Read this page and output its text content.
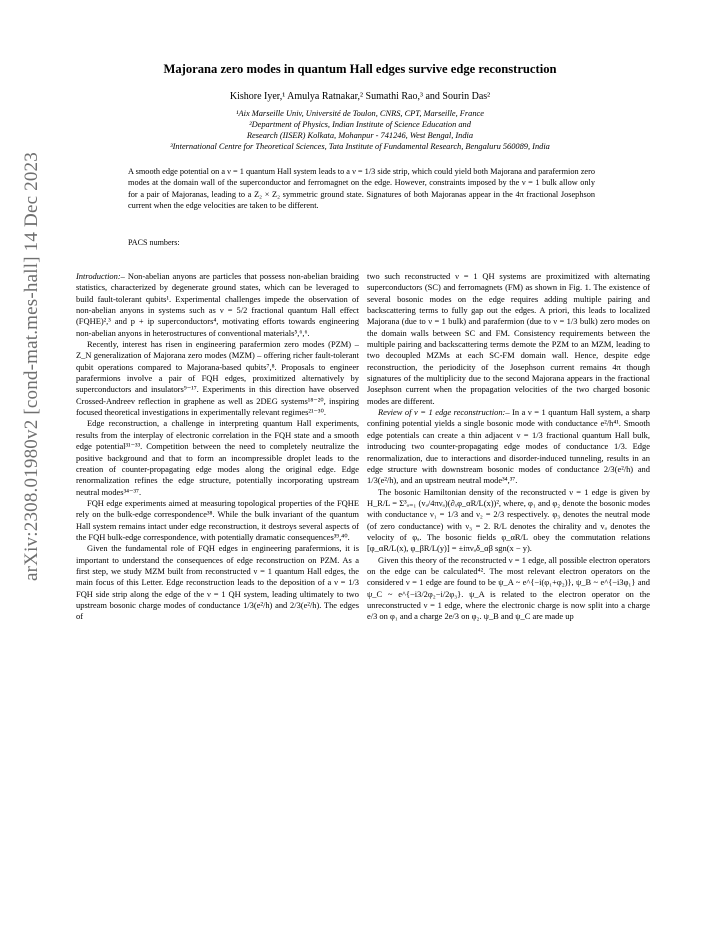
arXiv:2308.01980v2 [cond-mat.mes-hall] 14 Dec 2023
Majorana zero modes in quantum Hall edges survive edge reconstruction
Kishore Iyer,¹ Amulya Ratnakar,² Sumathi Rao,³ and Sourin Das²
¹Aix Marseille Univ, Université de Toulon, CNRS, CPT, Marseille, France
²Department of Physics, Indian Institute of Science Education and
Research (IISER) Kolkata, Mohanpur - 741246, West Bengal, India
³International Centre for Theoretical Sciences, Tata Institute of Fundamental Research, Bengaluru 560089, India
A smooth edge potential on a ν = 1 quantum Hall system leads to a ν = 1/3 side strip, which could yield both Majorana and parafermion zero modes at the domain wall of the superconductor and ferromagnet on the edge. However, constraints imposed by the ν = 1 bulk allow only for a pair of Majoranas, leading to a Z₂ × Z₂ symmetric ground state. Signatures of both Majoranas appear in the 4π fractional Josephson current when the edge velocities are taken to be different.
PACS numbers:

Introduction:– Non-abelian anyons are particles that possess non-abelian braiding statistics, characterized by degenerate ground states, which can be leveraged to build fault-tolerant qubits¹. Experimental challenges impede the observation of non-abelian anyons in systems such as ν = 5/2 fractional quantum Hall effect (FQHE)²,³ and p + ip superconductors⁴, motivating efforts towards engineering non-abelian anyons in heterostructures of conventional materials⁵,⁶,⁶.

Recently, interest has risen in engineering parafermion zero modes (PZM) – Z_N generalization of Majorana zero modes (MZM) – offering richer fault-tolerant qubit operations compared to Majorana-based qubits⁷,⁸. Proposals to engineer parafermions involve a pair of FQH edges, proximitized alternatively by superconductors and insulators⁹⁻¹⁷. Experiments in this direction have observed Crossed-Andreev reflection in graphene as well as 2DEG systems¹⁸⁻²⁰, inspiring focused theoretical investigations in experimentally relevant regimes²¹⁻³⁰.

Edge reconstruction, a challenge in interpreting quantum Hall experiments, results from the interplay of electronic correlation in the FQH state and a smooth edge potential³¹⁻³³. Competition between the need to completely neutralize the positive background and that to form an incompressible droplet leads to the creation of counter-propagating edge modes along the original edge. Edge renormalization refines the edge structure, potentially incorporating upstream neutral modes³⁴⁻³⁷.

FQH edge experiments aimed at measuring topological properties of the FQHE rely on the bulk-edge correspondence³⁸. While the bulk invariant of the quantum Hall system remains intact under edge reconstruction, it destroys several aspects of the FQH bulk-edge correspondence, with potentially dramatic consequences³⁹,⁴⁰.

Given the fundamental role of FQH edges in engineering parafermions, it is important to understand the consequences of edge reconstruction on PZM. As a first step, we study MZM built from reconstructed ν = 1 quantum Hall edges, the main focus of this Letter. Edge reconstruction leads to the deposition of a ν = 1/3 FQH side strip along the edge of the ν = 1 QH system, leading ultimately to two upstream bosonic charge modes of conductance 1/3(e²/h) and 2/3(e²/h). The edges of

two such reconstructed ν = 1 QH systems are proximitized with alternating superconductors (SC) and ferromagnets (FM) as shown in Fig. 1. The existence of several bosonic modes on the edge requires adding multiple pairing and backscattering terms to fully gap out the edges. A priori, this leads to localized Majorana (due to ν = 1 bulk) and parafermion (due to ν = 1/3 bulk) zero modes on the domain walls between SC and FM. Consistency requirements between the multiple pairing and backscattering terms demote the PZM to an MZM, leading to two decoupled MZMs at each SC-FM domain wall. Hence, despite edge reconstruction, the periodicity of the Josephson current remains 4π though signatures of the multiplicity due to the second Majorana appears in the fractional Josephson current when the propagation velocities of the two charged bosonic modes are different.

Review of ν = 1 edge reconstruction:– In a ν = 1 quantum Hall system, a sharp confining potential yields a single bosonic mode with conductance e²/h⁴¹. Smooth edge potentials can create a thin adjacent ν = 1/3 fractional quantum Hall bulk, introducing two counter-propagating edge modes of conductance 1/3. Edge renormalization, due to interactions and disorder-induced tunneling, results in an edge structure with downstream bosonic modes of conductance 2/3(e²/h) and 1/3(e²/h), and an upstream neutral mode³⁴,³⁷.

The bosonic Hamiltonian density of the reconstructed ν = 1 edge is given by H_R/L = Σ³ₐ₌₁ (vₐ/4πνₐ)(∂ₓφ_αR/L(x))², where, φ₁ and φ₂ denote the bosonic modes with conductance ν₁ = 1/3 and ν₂ = 2/3 respectively. φ₃ denotes the neutral mode (of zero conductance) with ν₃ = 2. R/L denotes the chirality and vₐ denotes the velocity of φₐ. The bosonic fields φ_αR/L obey the commutation relations [φ_αR/L(x), φ_βR/L(y)] = ±iπνₐδ_αβ sgn(x − y).

Given this theory of the reconstructed ν = 1 edge, all possible electron operators on the edge can be calculated⁴². The most relevant electron operators on the considered ν = 1 edge are found to be ψ_A ~ e^{−i(φ₁+φ₂)}, ψ_B ~ e^{−i3φ₁} and ψ_C ~ e^{−i3/2φ₂−i/2φ₃}. ψ_A is related to the electron operator on the unreconstructed ν = 1 edge, where the electronic charge is now split into a charge e/3 on φ₁ and a charge 2e/3 on φ₂. ψ_B and ψ_C are made up
